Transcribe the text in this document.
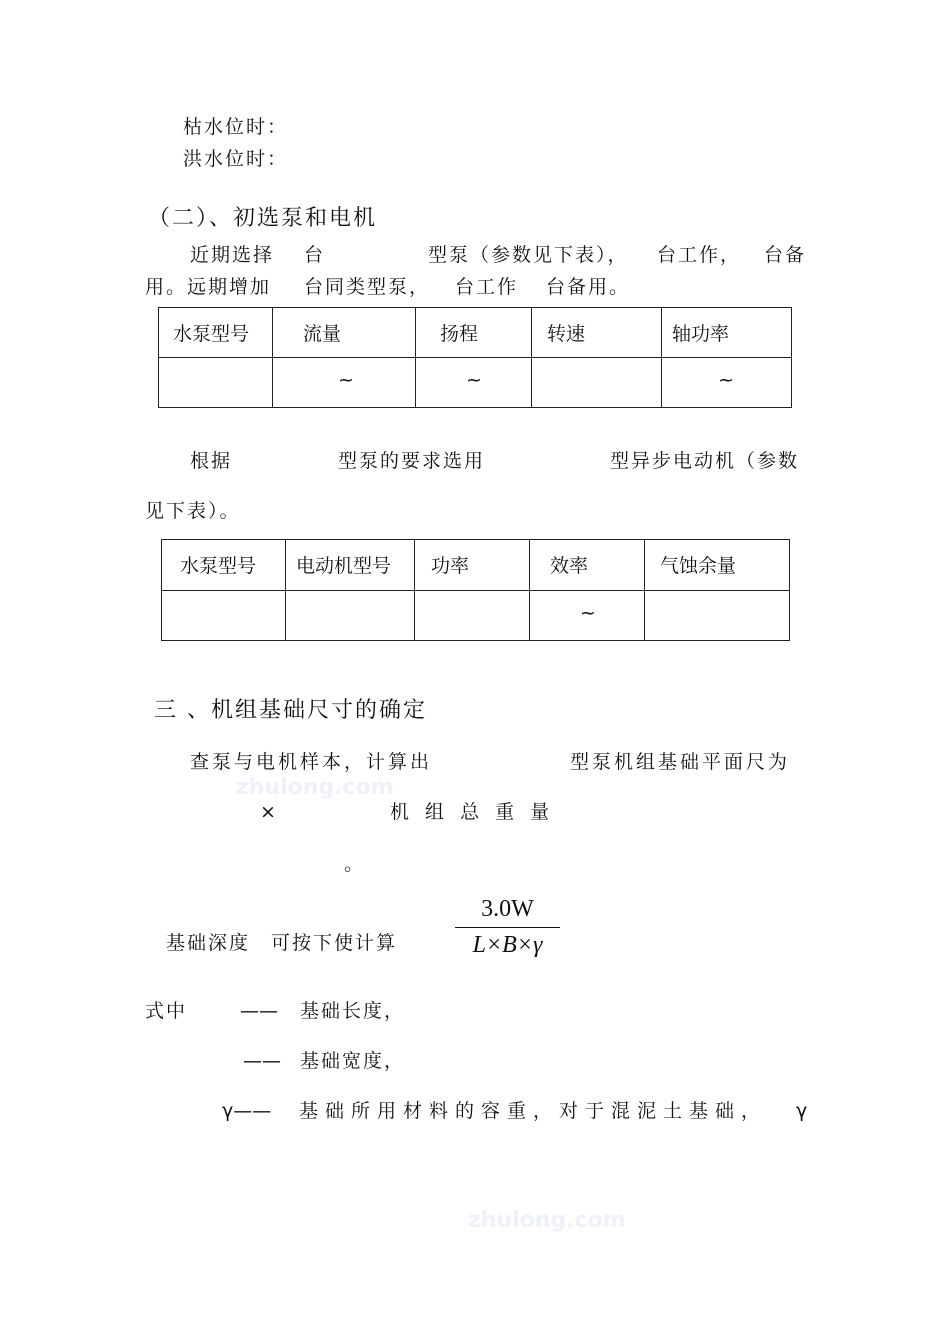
zhulong.com
zhulong.com
枯水位时：
洪水位时：
（二）、初选泵和电机
近期选择 台	型泵（参数见下表）， 台工作， 台备
用。远期增加 台同类型泵， 台工作 台备用。
水泵型号	流量	扬程	转速	轴功率

	~	~		~
根据	型泵的要求选用	型异步电动机（参数
见下表）。
水泵型号	电动机型号	功率	效率	气蚀余量

			~	

三 、机组基础尺寸的确定
查泵与电机样本，计算出	型泵机组基础平面尺为
×	机 组 总 重 量
。
基础深度　可按下使计算
3.0W
L×B×γ
式中	—— 基础长度，
—— 基础宽度，
γ—— 基础所用材料的容重，对于混泥土基础， γ
